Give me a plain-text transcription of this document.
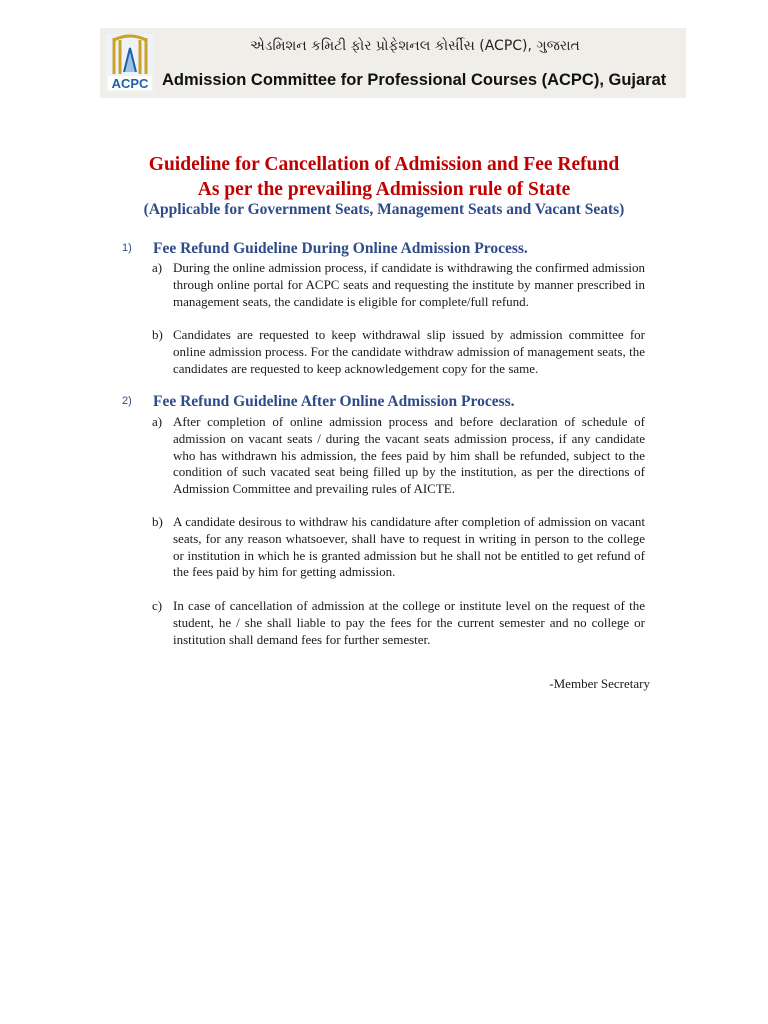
ACPC
એડમિશન કમિટી ફોર પ્રોફેશનલ કોર્સીસ (ACPC), ગુજરાત
Admission Committee for Professional Courses (ACPC), Gujarat
Guideline for Cancellation of Admission and Fee Refund
As per the prevailing Admission rule of State
(Applicable for Government Seats, Management Seats and Vacant Seats)
1) Fee Refund Guideline During Online Admission Process.
a) During the online admission process, if candidate is withdrawing the confirmed admission through online portal for ACPC seats and requesting the institute by manner prescribed in management seats, the candidate is eligible for complete/full refund.
b) Candidates are requested to keep withdrawal slip issued by admission committee for online admission process. For the candidate withdraw admission of management seats, the candidates are requested to keep acknowledgement copy for the same.
2) Fee Refund Guideline After Online Admission Process.
a) After completion of online admission process and before declaration of schedule of admission on vacant seats / during the vacant seats admission process, if any candidate who has withdrawn his admission, the fees paid by him shall be refunded, subject to the condition of such vacated seat being filled up by the institution, as per the directions of Admission Committee and prevailing rules of AICTE.
b) A candidate desirous to withdraw his candidature after completion of admission on vacant seats, for any reason whatsoever, shall have to request in writing in person to the college or institution in which he is granted admission but he shall not be entitled to get refund of the fees paid by him for getting admission.
c) In case of cancellation of admission at the college or institute level on the request of the student, he / she shall liable to pay the fees for the current semester and no college or institution shall demand fees for further semester.
-Member Secretary
